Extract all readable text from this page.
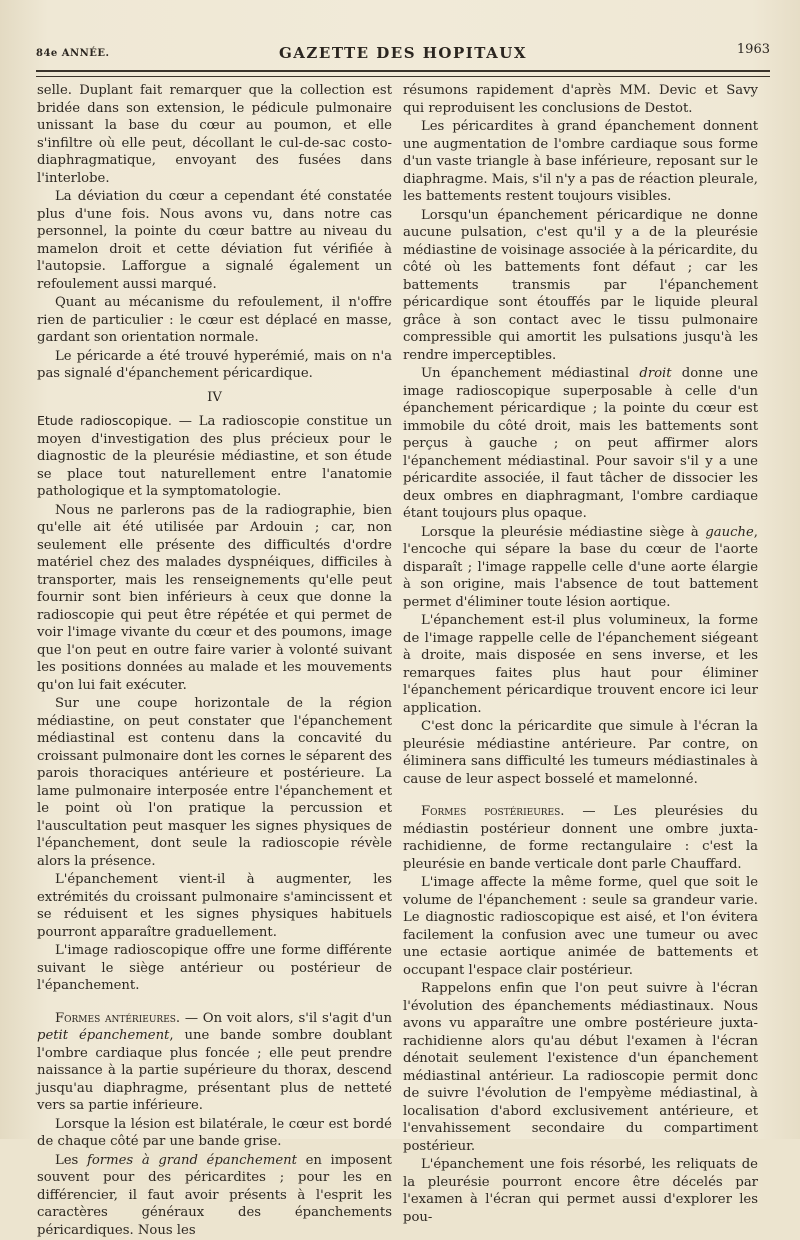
84e ANNÉE.	GAZETTE DES HOPITAUX	1963

selle. Duplant fait remarquer que la collection est bridée dans son extension, le pédicule pulmonaire unissant la base du cœur au poumon, et elle s'infiltre où elle peut, décollant le cul-de-sac costo-diaphragmatique, envoyant des fusées dans l'interlobe.

La déviation du cœur a cependant été constatée plus d'une fois. Nous avons vu, dans notre cas personnel, la pointe du cœur battre au niveau du mamelon droit et cette déviation fut vérifiée à l'autopsie. Lafforgue a signalé également un refoulement aussi marqué.

Quant au mécanisme du refoulement, il n'offre rien de particulier : le cœur est déplacé en masse, gardant son orientation normale.

Le péricarde a été trouvé hyperémié, mais on n'a pas signalé d'épanchement péricardique.

IV

Etude radioscopique. — La radioscopie constitue un moyen d'investigation des plus précieux pour le diagnostic de la pleurésie médiastine, et son étude se place tout naturellement entre l'anatomie pathologique et la symptomatologie.

Nous ne parlerons pas de la radiographie, bien qu'elle ait été utilisée par Ardouin ; car, non seulement elle présente des difficultés d'ordre matériel chez des malades dyspnéiques, difficiles à transporter, mais les renseignements qu'elle peut fournir sont bien inférieurs à ceux que donne la radioscopie qui peut être répétée et qui permet de voir l'image vivante du cœur et des poumons, image que l'on peut en outre faire varier à volonté suivant les positions données au malade et les mouvements qu'on lui fait exécuter.

Sur une coupe horizontale de la région médiastine, on peut constater que l'épanchement médiastinal est contenu dans la concavité du croissant pulmonaire dont les cornes le séparent des parois thoraciques antérieure et postérieure. La lame pulmonaire interposée entre l'épanchement et le point où l'on pratique la percussion et l'auscultation peut masquer les signes physiques de l'épanchement, dont seule la radioscopie révèle alors la présence.

L'épanchement vient-il à augmenter, les extrémités du croissant pulmonaire s'amincissent et se réduisent et les signes physiques habituels pourront apparaître graduellement.

L'image radioscopique offre une forme différente suivant le siège antérieur ou postérieur de l'épanchement.

Formes antérieures. — On voit alors, s'il s'agit d'un petit épanchement, une bande sombre doublant l'ombre cardiaque plus foncée ; elle peut prendre naissance à la partie supérieure du thorax, descend jusqu'au diaphragme, présentant plus de netteté vers sa partie inférieure.

Lorsque la lésion est bilatérale, le cœur est bordé de chaque côté par une bande grise.

Les formes à grand épanchement en imposent souvent pour des péricardites ; pour les en différencier, il faut avoir présents à l'esprit les caractères généraux des épanchements péricardiques. Nous les

résumons rapidement d'après MM. Devic et Savy qui reproduisent les conclusions de Destot.

Les péricardites à grand épanchement donnent une augmentation de l'ombre cardiaque sous forme d'un vaste triangle à base inférieure, reposant sur le diaphragme. Mais, s'il n'y a pas de réaction pleurale, les battements restent toujours visibles.

Lorsqu'un épanchement péricardique ne donne aucune pulsation, c'est qu'il y a de la pleurésie médiastine de voisinage associée à la péricardite, du côté où les battements font défaut ; car les battements transmis par l'épanchement péricardique sont étouffés par le liquide pleural grâce à son contact avec le tissu pulmonaire compressible qui amortit les pulsations jusqu'à les rendre imperceptibles.

Un épanchement médiastinal droit donne une image radioscopique superposable à celle d'un épanchement péricardique ; la pointe du cœur est immobile du côté droit, mais les battements sont perçus à gauche ; on peut affirmer alors l'épanchement médiastinal. Pour savoir s'il y a une péricardite associée, il faut tâcher de dissocier les deux ombres en diaphragmant, l'ombre cardiaque étant toujours plus opaque.

Lorsque la pleurésie médiastine siège à gauche, l'encoche qui sépare la base du cœur de l'aorte disparaît ; l'image rappelle celle d'une aorte élargie à son origine, mais l'absence de tout battement permet d'éliminer toute lésion aortique.

L'épanchement est-il plus volumineux, la forme de l'image rappelle celle de l'épanchement siégeant à droite, mais disposée en sens inverse, et les remarques faites plus haut pour éliminer l'épanchement péricardique trouvent encore ici leur application.

C'est donc la péricardite que simule à l'écran la pleurésie médiastine antérieure. Par contre, on éliminera sans difficulté les tumeurs médiastinales à cause de leur aspect bosselé et mamelonné.

Formes postérieures. — Les pleurésies du médiastin postérieur donnent une ombre juxta-rachidienne, de forme rectangulaire : c'est la pleurésie en bande verticale dont parle Chauffard.

L'image affecte la même forme, quel que soit le volume de l'épanchement : seule sa grandeur varie. Le diagnostic radioscopique est aisé, et l'on évitera facilement la confusion avec une tumeur ou avec une ectasie aortique animée de battements et occupant l'espace clair postérieur.

Rappelons enfin que l'on peut suivre à l'écran l'évolution des épanchements médiastinaux. Nous avons vu apparaître une ombre postérieure juxta-rachidienne alors qu'au début l'examen à l'écran dénotait seulement l'existence d'un épanchement médiastinal antérieur. La radioscopie permit donc de suivre l'évolution de l'empyème médiastinal, à localisation d'abord exclusivement antérieure, et l'envahissement secondaire du compartiment postérieur.

L'épanchement une fois résorbé, les reliquats de la pleurésie pourront encore être décelés par l'examen à l'écran qui permet aussi d'explorer les pou-
